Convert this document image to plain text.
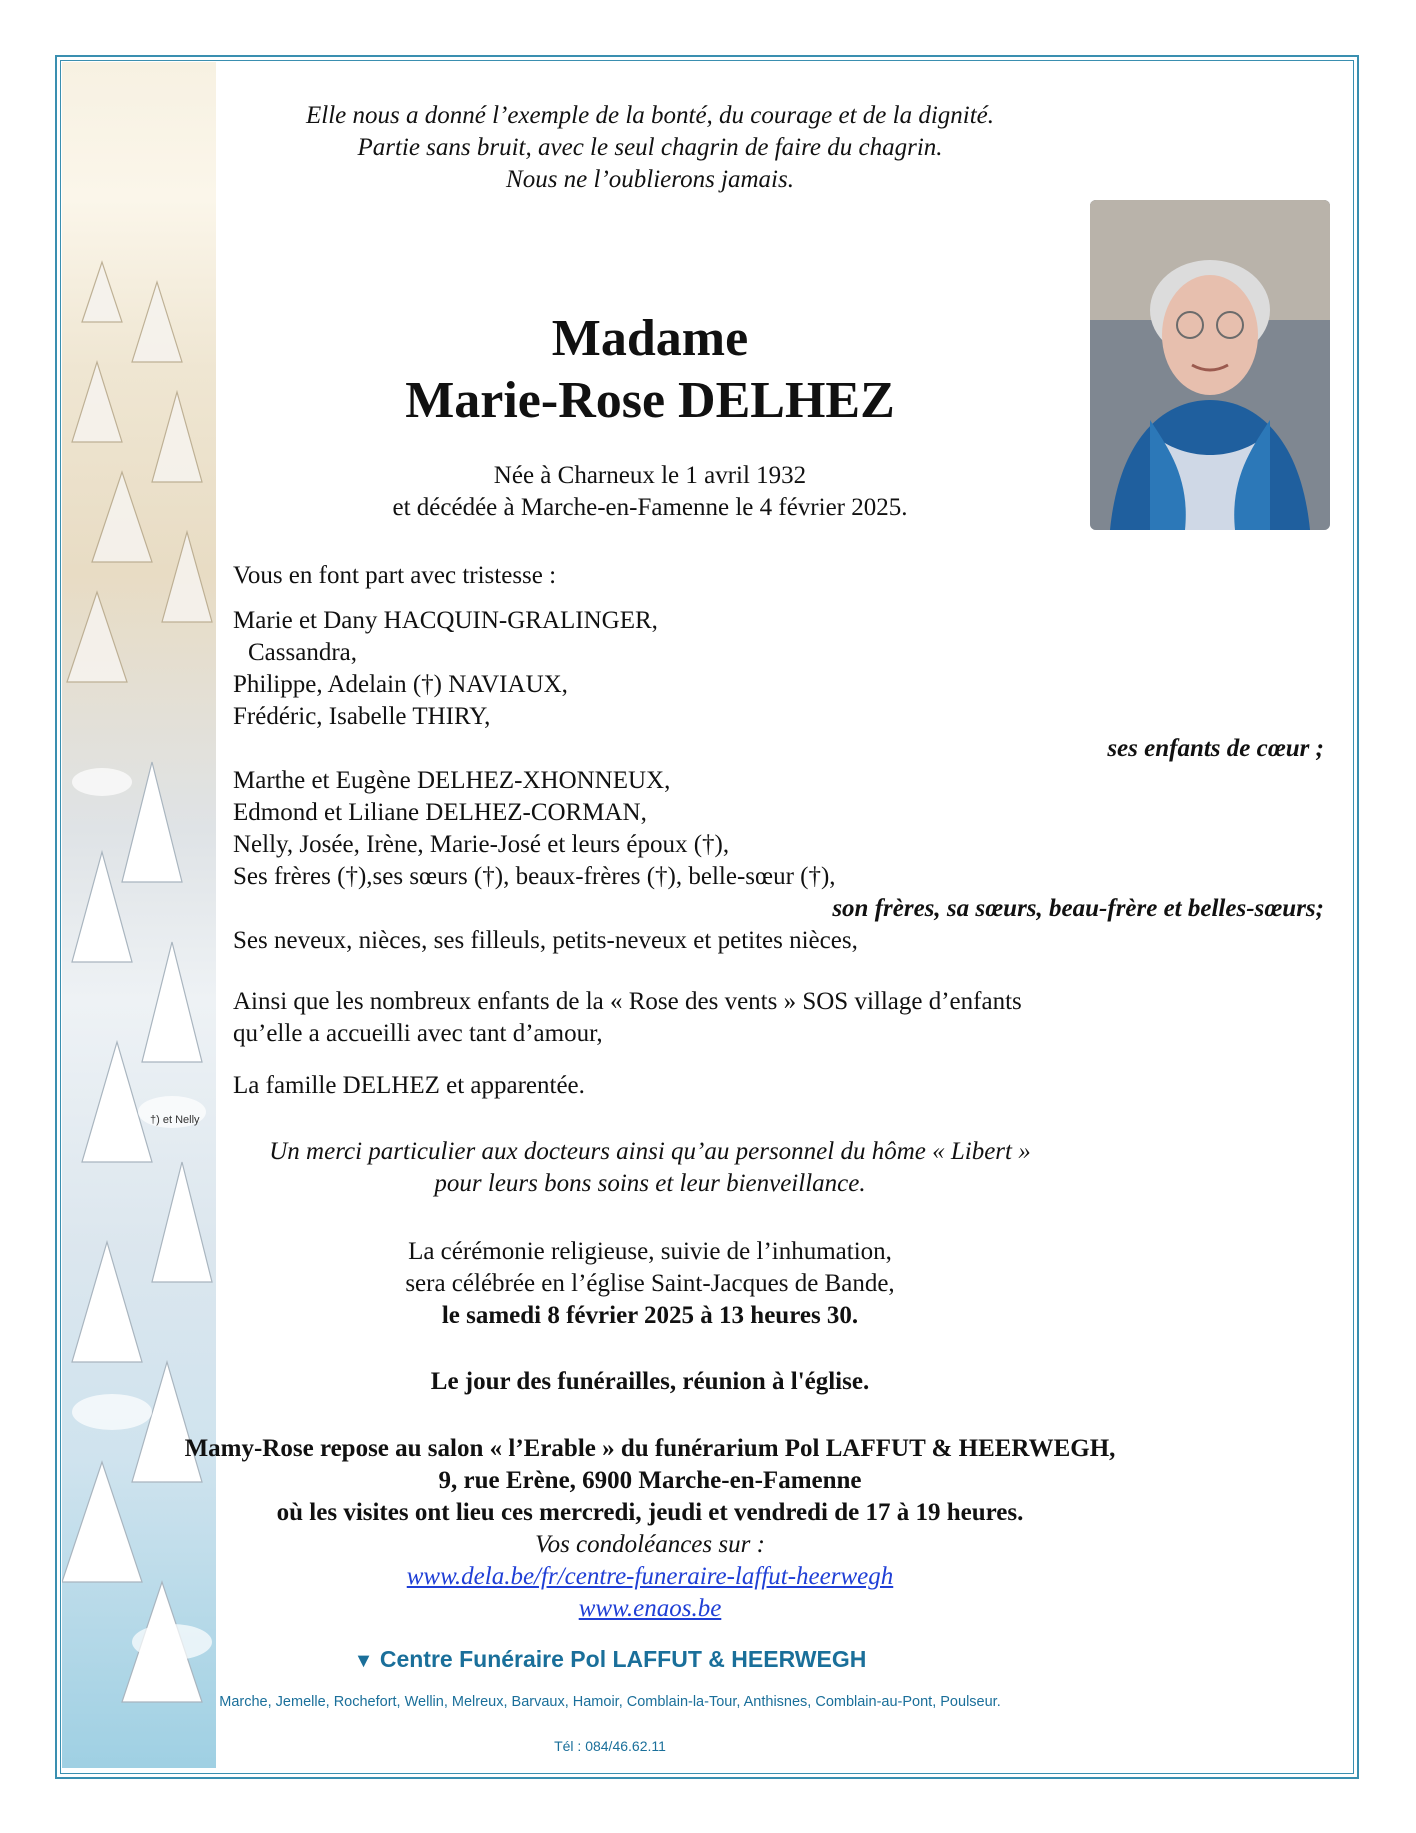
†) et Nelly
Elle nous a donné l’exemple de la bonté, du courage et de la dignité.
Partie sans bruit, avec le seul chagrin de faire du chagrin.
Nous ne l’oublierons jamais.
Madame
Marie-Rose DELHEZ
Née à Charneux le 1 avril 1932
et décédée à Marche-en-Famenne le 4 février 2025.
Vous en font part avec tristesse :
Marie et Dany HACQUIN-GRALINGER,
Cassandra,
Philippe, Adelain (†) NAVIAUX,
Frédéric, Isabelle THIRY,
ses enfants de cœur ;
Marthe et Eugène DELHEZ-XHONNEUX,
Edmond et Liliane DELHEZ-CORMAN,
Nelly, Josée, Irène, Marie-José et leurs époux (†),
Ses frères (†),ses sœurs (†), beaux-frères (†), belle-sœur (†),
son frères, sa sœurs, beau-frère et belles-sœurs;
Ses neveux, nièces, ses filleuls, petits-neveux et petites nièces,
Ainsi que les nombreux enfants de la « Rose des vents » SOS village d’enfants
qu’elle a accueilli avec tant d’amour,
La famille DELHEZ et apparentée.
Un merci particulier aux docteurs ainsi qu’au personnel du hôme « Libert »
pour leurs bons soins et leur bienveillance.
La cérémonie religieuse, suivie de l’inhumation,
sera célébrée en l’église Saint-Jacques de Bande,
le samedi 8 février 2025 à 13 heures 30.
Le jour des funérailles, réunion à l'église.
Mamy-Rose repose au salon « l’Erable » du funérarium Pol LAFFUT & HEERWEGH,
9, rue Erène, 6900 Marche-en-Famenne
où les visites ont lieu ces mercredi, jeudi et vendredi de 17 à 19 heures.
Vos condoléances sur :
www.dela.be/fr/centre-funeraire-laffut-heerwegh
www.enaos.be
▼ Centre Funéraire Pol LAFFUT & HEERWEGH
Marche, Jemelle, Rochefort, Wellin, Melreux, Barvaux, Hamoir, Comblain-la-Tour, Anthisnes, Comblain-au-Pont, Poulseur.
Tél : 084/46.62.11
